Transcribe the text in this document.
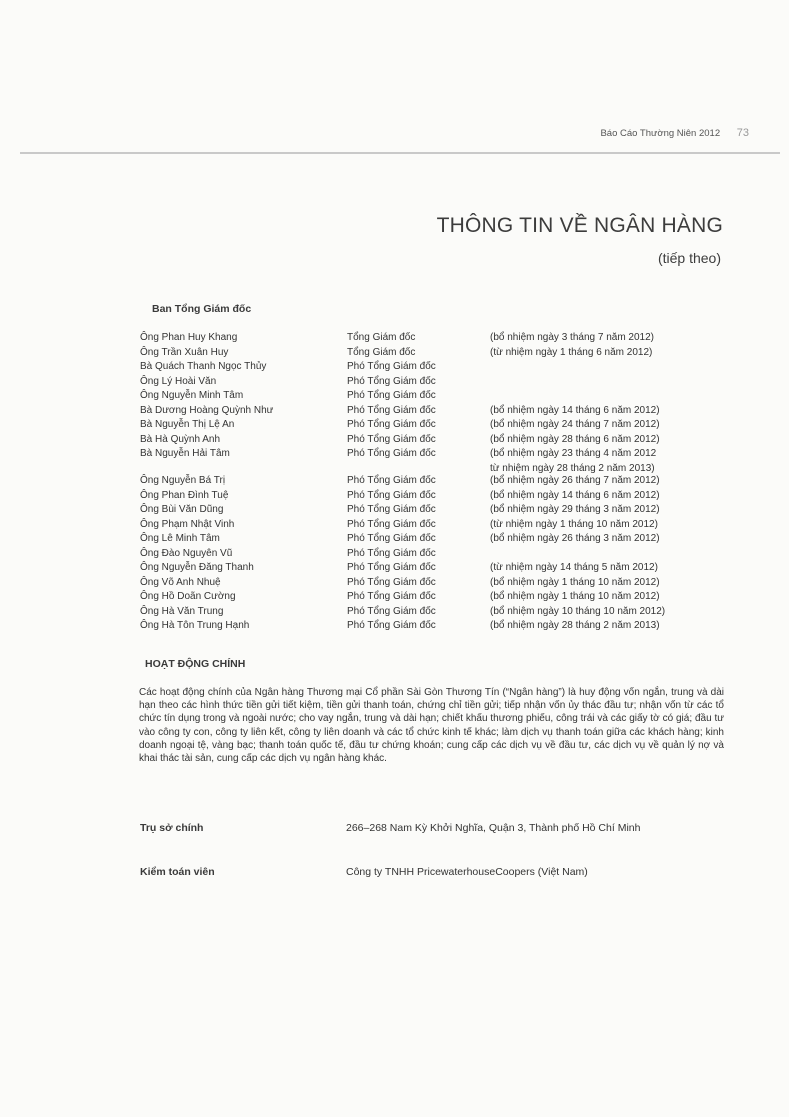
Báo Cáo Thường Niên 2012 73
THÔNG TIN VỀ NGÂN HÀNG
(tiếp theo)
Ban Tổng Giám đốc
Ông Phan Huy Khang	Tổng Giám đốc	(bổ nhiệm ngày 3 tháng 7 năm 2012)
Ông Trần Xuân Huy	Tổng Giám đốc	(từ nhiệm ngày 1 tháng 6 năm 2012)
Bà Quách Thanh Ngọc Thủy	Phó Tổng Giám đốc
Ông Lý Hoài Văn	Phó Tổng Giám đốc
Ông Nguyễn Minh Tâm	Phó Tổng Giám đốc
Bà Dương Hoàng Quỳnh Như	Phó Tổng Giám đốc	(bổ nhiệm ngày 14 tháng 6 năm 2012)
Bà Nguyễn Thị Lệ An	Phó Tổng Giám đốc	(bổ nhiệm ngày 24 tháng 7 năm 2012)
Bà Hà Quỳnh Anh	Phó Tổng Giám đốc	(bổ nhiệm ngày 28 tháng 6 năm 2012)
Bà Nguyễn Hải Tâm	Phó Tổng Giám đốc	(bổ nhiệm ngày 23 tháng 4 năm 2012
từ nhiệm ngày 28 tháng 2 năm 2013)
Ông Nguyễn Bá Trị	Phó Tổng Giám đốc	(bổ nhiệm ngày 26 tháng 7 năm 2012)
Ông Phan Đình Tuệ	Phó Tổng Giám đốc	(bổ nhiệm ngày 14 tháng 6 năm 2012)
Ông Bùi Văn Dũng	Phó Tổng Giám đốc	(bổ nhiệm ngày 29 tháng 3 năm 2012)
Ông Phạm Nhật Vinh	Phó Tổng Giám đốc	(từ nhiệm ngày 1 tháng 10 năm 2012)
Ông Lê Minh Tâm	Phó Tổng Giám đốc	(bổ nhiệm ngày 26 tháng 3 năm 2012)
Ông Đào Nguyên Vũ	Phó Tổng Giám đốc
Ông Nguyễn Đăng Thanh	Phó Tổng Giám đốc	(từ nhiệm ngày 14 tháng 5 năm 2012)
Ông Võ Anh Nhuệ	Phó Tổng Giám đốc	(bổ nhiệm ngày 1 tháng 10 năm 2012)
Ông Hồ Doãn Cường	Phó Tổng Giám đốc	(bổ nhiệm ngày 1 tháng 10 năm 2012)
Ông Hà Văn Trung	Phó Tổng Giám đốc	(bổ nhiệm ngày 10 tháng 10 năm 2012)
Ông Hà Tôn Trung Hạnh	Phó Tổng Giám đốc	(bổ nhiệm ngày 28 tháng 2 năm 2013)
HOẠT ĐỘNG CHÍNH
Các hoạt động chính của Ngân hàng Thương mại Cổ phần Sài Gòn Thương Tín (“Ngân hàng”) là huy động vốn ngắn, trung và dài hạn theo các hình thức tiền gửi tiết kiệm, tiền gửi thanh toán, chứng chỉ tiền gửi; tiếp nhận vốn ủy thác đầu tư; nhận vốn từ các tổ chức tín dụng trong và ngoài nước; cho vay ngắn, trung và dài hạn; chiết khấu thương phiếu, công trái và các giấy tờ có giá; đầu tư vào công ty con, công ty liên kết, công ty liên doanh và các tổ chức kinh tế khác; làm dịch vụ thanh toán giữa các khách hàng; kinh doanh ngoại tệ, vàng bạc; thanh toán quốc tế, đầu tư chứng khoán; cung cấp các dịch vụ về đầu tư, các dịch vụ về quản lý nợ và khai thác tài sản, cung cấp các dịch vụ ngân hàng khác.
Trụ sở chính	266–268 Nam Kỳ Khởi Nghĩa, Quận 3, Thành phố Hồ Chí Minh
Kiểm toán viên	Công ty TNHH PricewaterhouseCoopers (Việt Nam)
